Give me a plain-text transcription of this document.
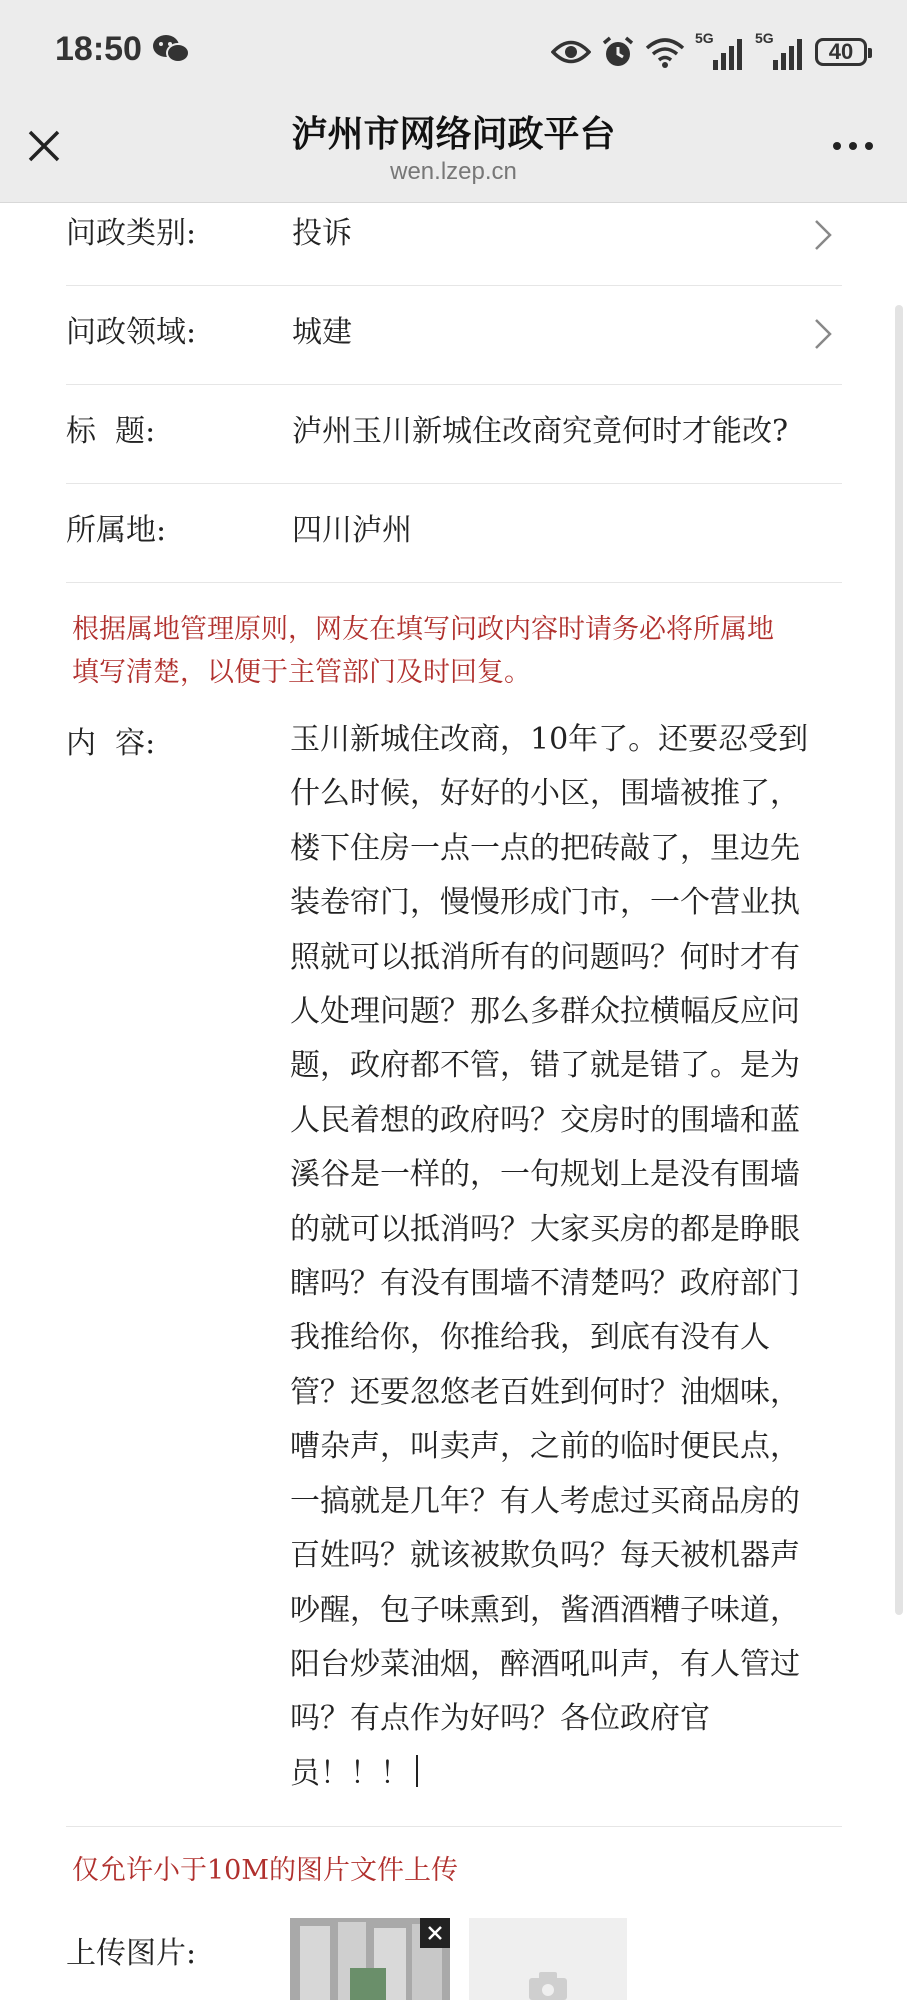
18:50	5G	5G
40
泸州市网络问政平台
wen.lzep.cn
问政类别:	投诉
问政领域:	城建
标  题:	泸州玉川新城住改商究竟何时才能改?
所属地:	四川泸州
根据属地管理原则，网友在填写问政内容时请务必将所属地
填写清楚，以便于主管部门及时回复。
内  容:	玉川新城住改商，10年了。还要忍受到
什么时候，好好的小区，围墙被推了，
楼下住房一点一点的把砖敲了，里边先
装卷帘门，慢慢形成门市，一个营业执
照就可以抵消所有的问题吗？何时才有
人处理问题？那么多群众拉横幅反应问
题，政府都不管，错了就是错了。是为
人民着想的政府吗？交房时的围墙和蓝
溪谷是一样的，一句规划上是没有围墙
的就可以抵消吗？大家买房的都是睁眼
瞎吗？有没有围墙不清楚吗？政府部门
我推给你，你推给我，到底有没有人
管？还要忽悠老百姓到何时？油烟味，
嘈杂声，叫卖声，之前的临时便民点，
一搞就是几年？有人考虑过买商品房的
百姓吗？就该被欺负吗？每天被机器声
吵醒，包子味熏到，酱酒酒糟子味道，
阳台炒菜油烟，醉酒吼叫声，有人管过
吗？有点作为好吗？各位政府官
员！！！
仅允许小于10M的图片文件上传
上传图片:
